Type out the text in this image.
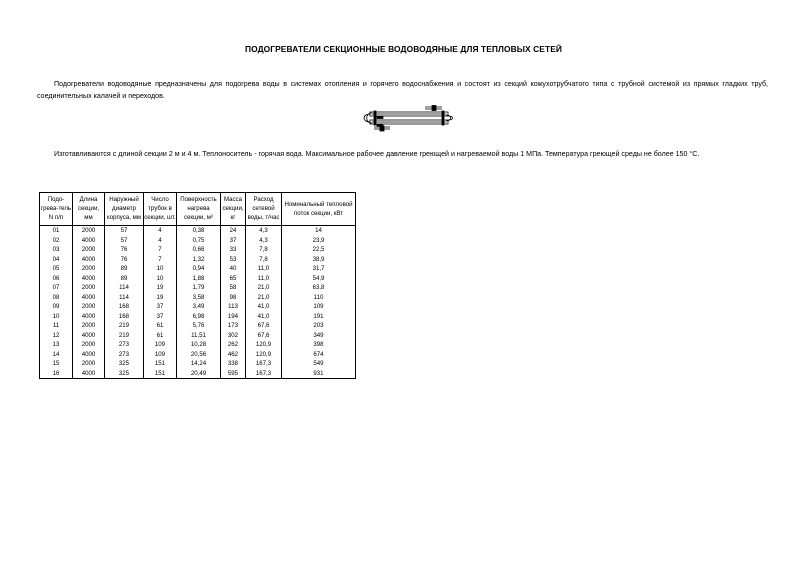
ПОДОГРЕВАТЕЛИ СЕКЦИОННЫЕ ВОДОВОДЯНЫЕ ДЛЯ ТЕПЛОВЫХ СЕТЕЙ

Подогреватели водоводяные предназначены для подогрева воды в системах отопления и горячего водоснабжения и состоят из секций кожухотрубчатого типа с трубной системой из прямых гладких труб, соединительных калачей и переходов.

Изготавливаются с длиной секции 2 м и 4 м. Теплоноситель - горячая вода. Максимальное рабочее давление греющей и нагреваемой воды 1 МПа. Температура греющей среды не более 150 °С.

Подо-грева-тель N п/п	Длина секции, мм	Наружный диаметр корпуса, мм	Число трубок в секции, шт.	Поверхность нагрева секции, м²	Масса секции, кг	Расход сетевой воды, т/час	Номинальный тепловой поток секции, кВт
01	2000	57	4	0,38	24	4,3	14
02	4000	57	4	0,75	37	4,3	23,9
03	2000	76	7	0,66	33	7,8	22,5
04	4000	76	7	1,32	53	7,8	38,9
05	2000	89	10	0,94	40	11,0	31,7
06	4000	89	10	1,88	65	11,0	54,9
07	2000	114	19	1,79	58	21,0	63,8
08	4000	114	19	3,58	98	21,0	110
09	2000	168	37	3,49	113	41,0	109
10	4000	168	37	6,98	194	41,0	191
11	2000	219	61	5,76	173	67,6	203
12	4000	219	61	11,51	302	67,6	349
13	2000	273	109	10,28	262	120,9	398
14	4000	273	109	20,56	462	120,9	674
15	2000	325	151	14,24	338	167,3	549
16	4000	325	151	20,49	595	167,3	931
